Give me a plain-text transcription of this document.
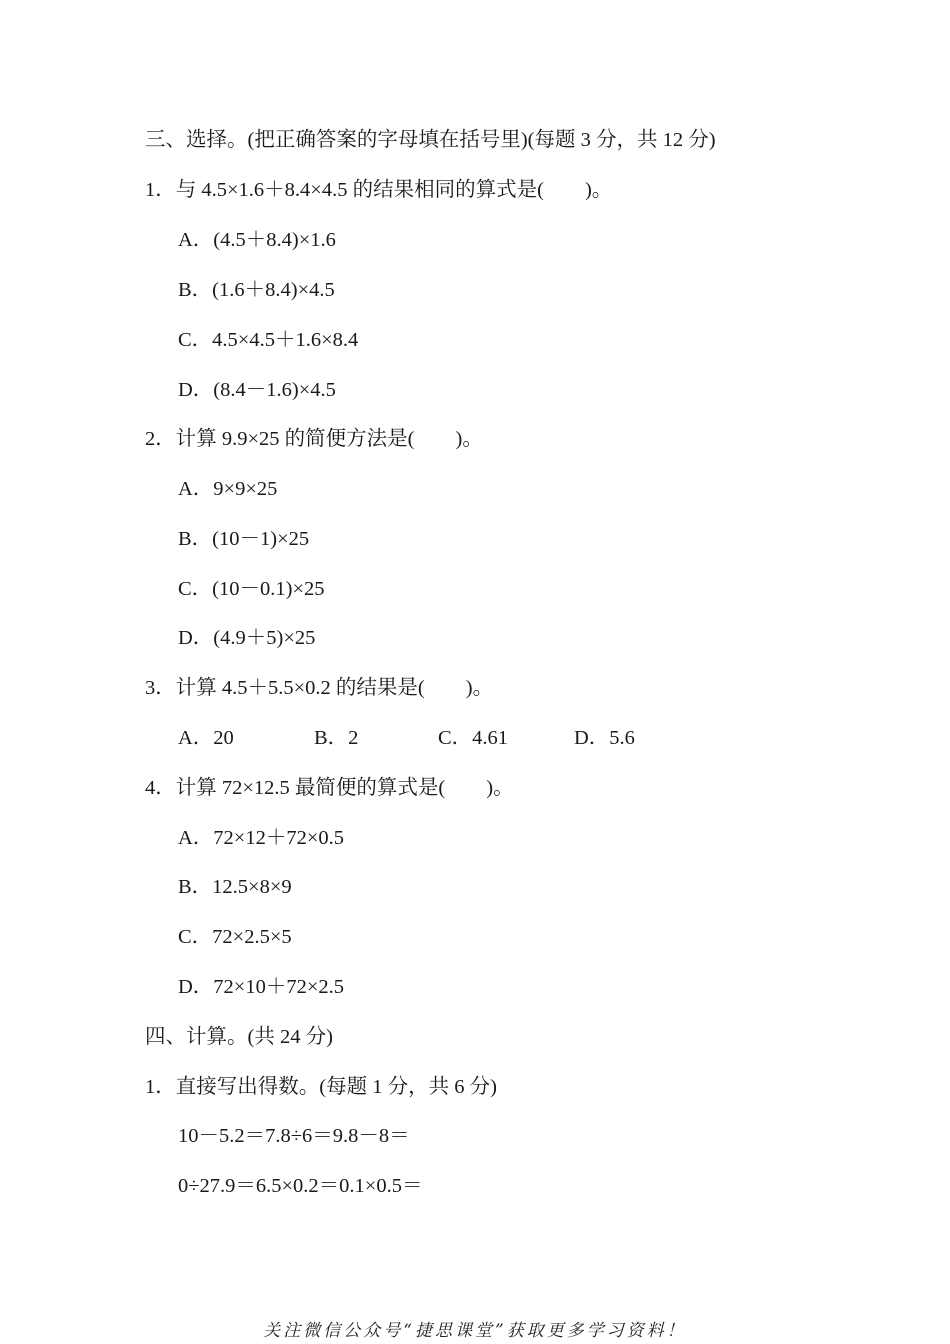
三、选择。(把正确答案的字母填在括号里)(每题 3 分，共 12 分)
1．与 4.5×1.6＋8.4×4.5 的结果相同的算式是(　　)。
A．(4.5＋8.4)×1.6
B．(1.6＋8.4)×4.5
C．4.5×4.5＋1.6×8.4
D．(8.4－1.6)×4.5
2．计算 9.9×25 的简便方法是(　　)。
A．9×9×25
B．(10－1)×25
C．(10－0.1)×25
D．(4.9＋5)×25
3．计算 4.5＋5.5×0.2 的结果是(　　)。
A．20	B．2	C．4.61	D．5.6
4．计算 72×12.5 最简便的算式是(　　)。
A．72×12＋72×0.5
B．12.5×8×9
C．72×2.5×5
D．72×10＋72×2.5
四、计算。(共 24 分)
1．直接写出得数。(每题 1 分，共 6 分)
10－5.2＝7.8÷6＝9.8－8＝
0÷27.9＝6.5×0.2＝0.1×0.5＝
关注微信公众号“捷思课堂”获取更多学习资料！
